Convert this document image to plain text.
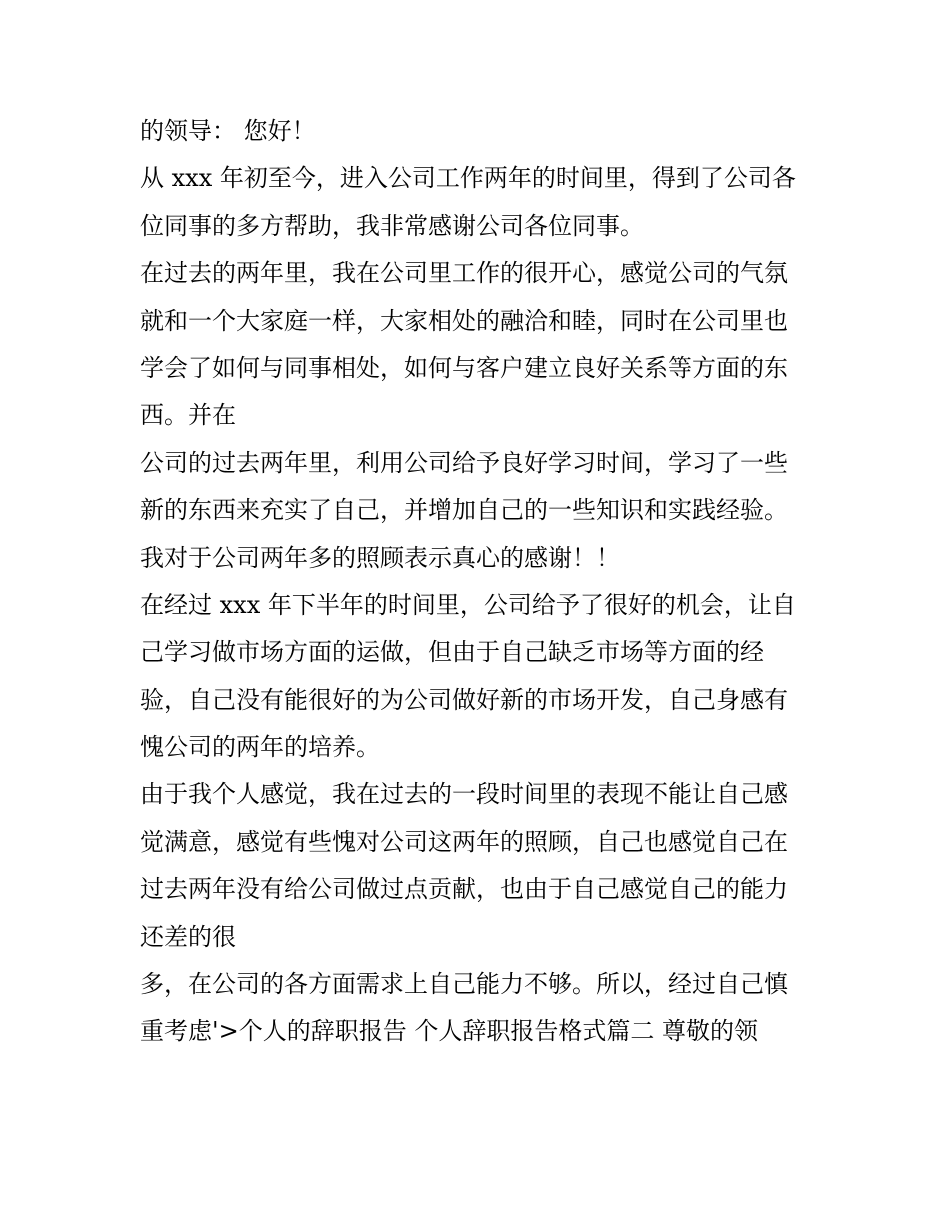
的领导： 您好！
从 xxx 年初至今，进入公司工作两年的时间里，得到了公司各
位同事的多方帮助，我非常感谢公司各位同事。
在过去的两年里，我在公司里工作的很开心，感觉公司的气氛
就和一个大家庭一样，大家相处的融洽和睦，同时在公司里也
学会了如何与同事相处，如何与客户建立良好关系等方面的东
西。并在
公司的过去两年里，利用公司给予良好学习时间，学习了一些
新的东西来充实了自己，并增加自己的一些知识和实践经验。
我对于公司两年多的照顾表示真心的感谢！！
在经过 xxx 年下半年的时间里，公司给予了很好的机会，让自
己学习做市场方面的运做，但由于自己缺乏市场等方面的经
验，自己没有能很好的为公司做好新的市场开发，自己身感有
愧公司的两年的培养。
由于我个人感觉，我在过去的一段时间里的表现不能让自己感
觉满意，感觉有些愧对公司这两年的照顾，自己也感觉自己在
过去两年没有给公司做过点贡献，也由于自己感觉自己的能力
还差的很
多，在公司的各方面需求上自己能力不够。所以，经过自己慎
重考虑'>个人的辞职报告 个人辞职报告格式篇二 尊敬的领
